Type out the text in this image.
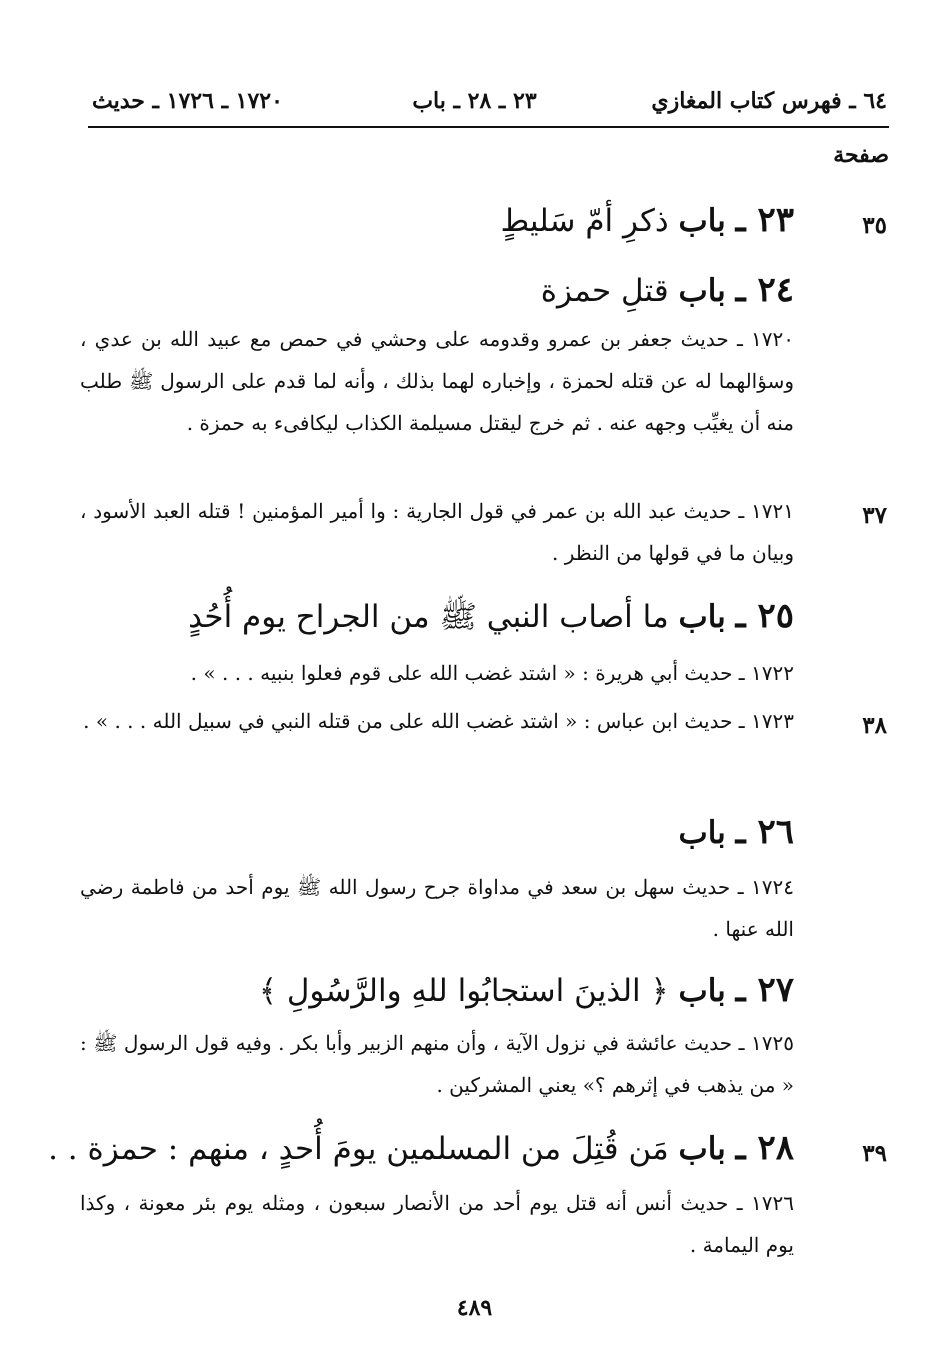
٦٤ ـ فهرس كتاب المغازي
٢٣ ـ ٢٨ ـ باب
١٧٢٠ ـ ١٧٢٦ ـ حديث
صفحة
٣٥
٢٣ ـ باب ذكرِ أمّ سَليطٍ
٢٤ ـ باب قتلِ حمزة
١٧٢٠ ـ حديث جعفر بن عمرو وقدومه على وحشي في حمص مع عبيد الله بن عدي ، وسؤالهما له عن قتله لحمزة ، وإخباره لهما بذلك ، وأنه لما قدم على الرسول ﷺ طلب منه أن يغيِّب وجهه عنه . ثم خرج ليقتل مسيلمة الكذاب ليكافىء به حمزة .
٣٧
١٧٢١ ـ حديث عبد الله بن عمر في قول الجارية : وا أمير المؤمنين ! قتله العبد الأسود ، وبيان ما في قولها من النظر .
٢٥ ـ باب ما أصاب النبي ﷺ من الجراح يوم أُحُدٍ
١٧٢٢ ـ حديث أبي هريرة : « اشتد غضب الله على قوم فعلوا بنبيه . . . » .
٣٨
١٧٢٣ ـ حديث ابن عباس : « اشتد غضب الله على من قتله النبي في سبيل الله . . . » .
٢٦ ـ باب
١٧٢٤ ـ حديث سهل بن سعد في مداواة جرح رسول الله ﷺ يوم أحد من فاطمة رضي الله عنها .
٢٧ ـ باب ﴿ الذينَ استجابُوا للهِ والرَّسُولِ ﴾
١٧٢٥ ـ حديث عائشة في نزول الآية ، وأن منهم الزبير وأبا بكر . وفيه قول الرسول ﷺ : « من يذهب في إثرهم ؟» يعني المشركين .
٣٩
٢٨ ـ باب مَن قُتِلَ من المسلمين يومَ أُحدٍ ، منهم : حمزة . .
١٧٢٦ ـ حديث أنس أنه قتل يوم أحد من الأنصار سبعون ، ومثله يوم بئر معونة ، وكذا يوم اليمامة .
٤٨٩
